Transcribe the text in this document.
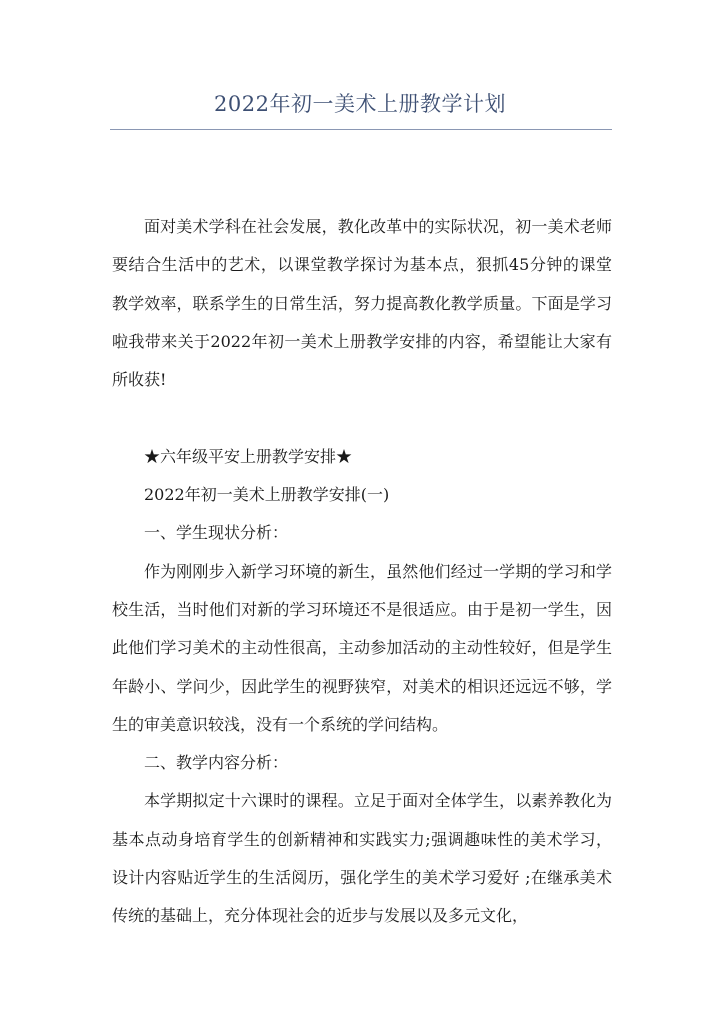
2022年初一美术上册教学计划

面对美术学科在社会发展，教化改革中的实际状况，初一美术老师要结合生活中的艺术，以课堂教学探讨为基本点，狠抓45分钟的课堂教学效率，联系学生的日常生活，努力提高教化教学质量。下面是学习啦我带来关于2022年初一美术上册教学安排的内容，希望能让大家有所收获!

★六年级平安上册教学安排★

2022年初一美术上册教学安排(一)

一、学生现状分析：

作为刚刚步入新学习环境的新生，虽然他们经过一学期的学习和学校生活，当时他们对新的学习环境还不是很适应。由于是初一学生，因此他们学习美术的主动性很高，主动参加活动的主动性较好，但是学生年龄小、学问少，因此学生的视野狭窄，对美术的相识还远远不够，学生的审美意识较浅，没有一个系统的学问结构。

二、教学内容分析：

本学期拟定十六课时的课程。立足于面对全体学生，以素养教化为基本点动身培育学生的创新精神和实践实力;强调趣味性的美术学习，设计内容贴近学生的生活阅历，强化学生的美术学习爱好 ;在继承美术 传统的基础上，充分体现社会的近步与发展以及多元文化，
